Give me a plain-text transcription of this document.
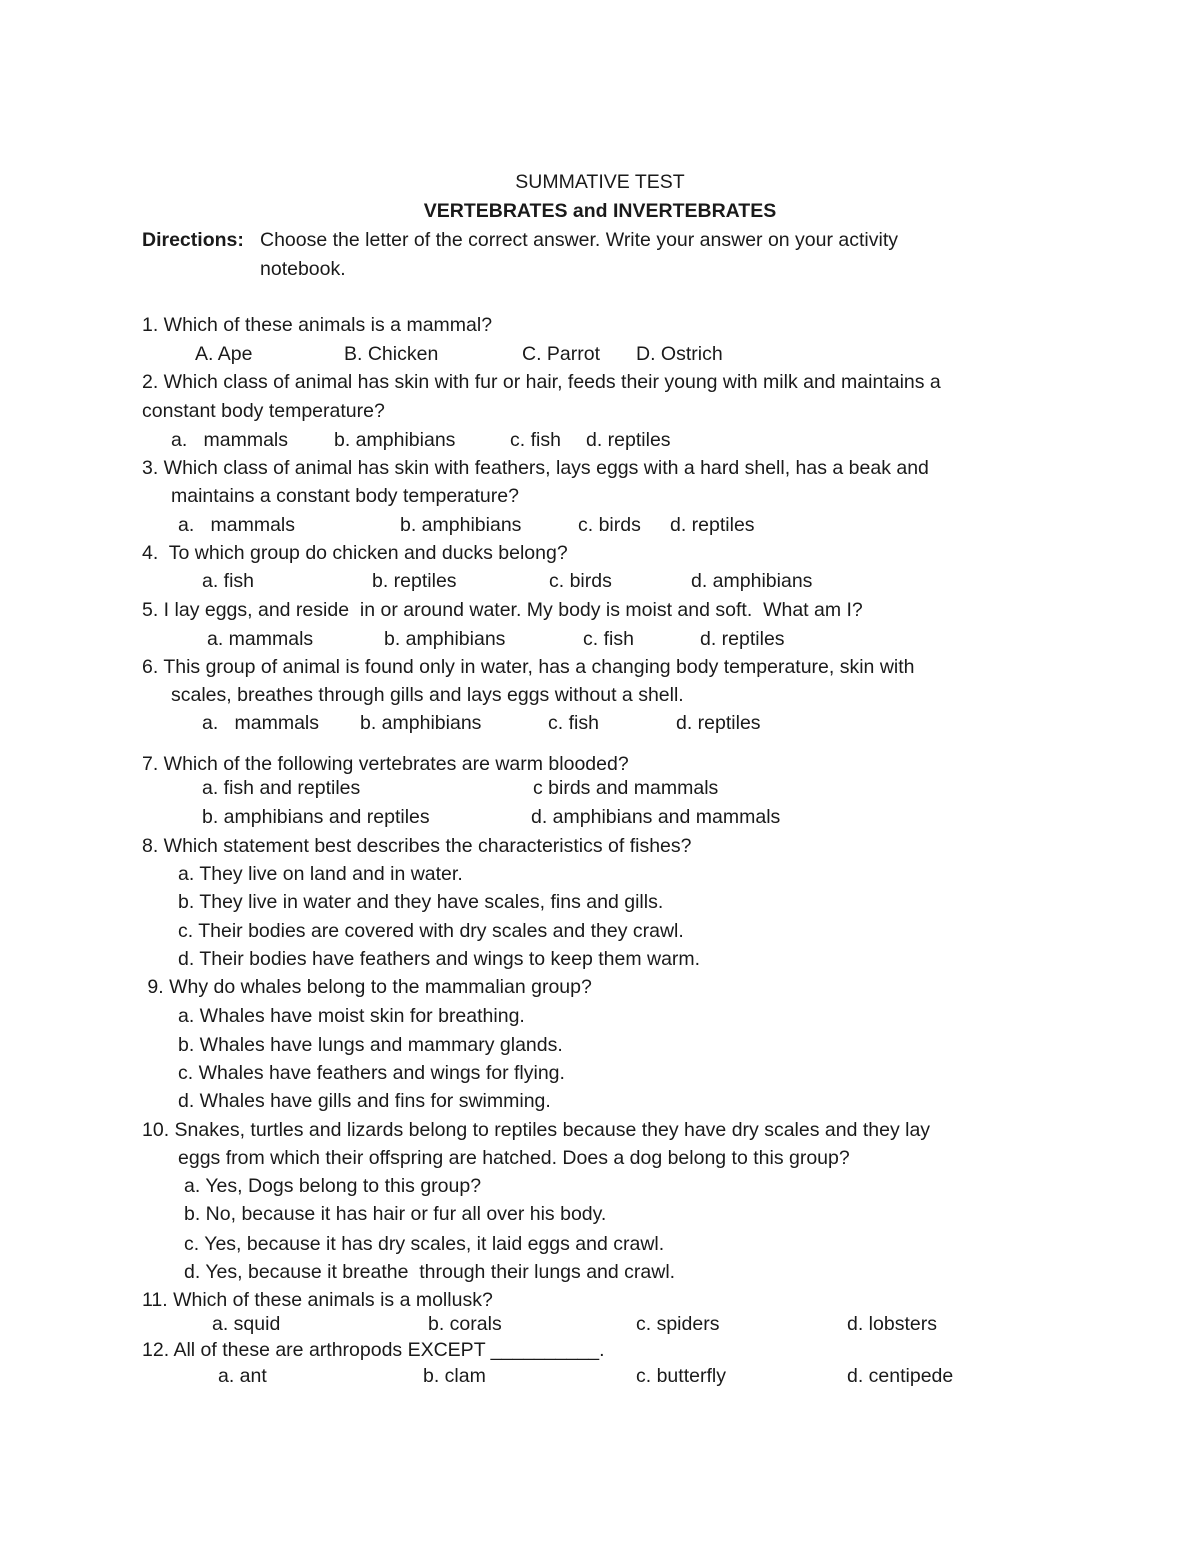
SUMMATIVE TEST
VERTEBRATES and INVERTEBRATES
Directions: Choose the letter of the correct answer. Write your answer on your activity
notebook.
1. Which of these animals is a mammal?
A. Ape	B. Chicken	C. Parrot D. Ostrich
2. Which class of animal has skin with fur or hair, feeds their young with milk and maintains a
constant body temperature?
a.   mammals b. amphibians	c. fish d. reptiles
3. Which class of animal has skin with feathers, lays eggs with a hard shell, has a beak and
maintains a constant body temperature?
a.   mammals	b. amphibians	c. birds d. reptiles
4.  To which group do chicken and ducks belong?
a. fish	b. reptiles	c. birds	d. amphibians
5. I lay eggs, and reside  in or around water. My body is moist and soft.  What am I?
a. mammals	b. amphibians	c. fish	d. reptiles
6. This group of animal is found only in water, has a changing body temperature, skin with
scales, breathes through gills and lays eggs without a shell.
a.   mammals b. amphibians	c. fish	d. reptiles
7. Which of the following vertebrates are warm blooded?
a. fish and reptiles	c birds and mammals
b. amphibians and reptiles	d. amphibians and mammals
8. Which statement best describes the characteristics of fishes?
a. They live on land and in water.
b. They live in water and they have scales, fins and gills.
c. Their bodies are covered with dry scales and they crawl.
d. Their bodies have feathers and wings to keep them warm.
9. Why do whales belong to the mammalian group?
a. Whales have moist skin for breathing.
b. Whales have lungs and mammary glands.
c. Whales have feathers and wings for flying.
d. Whales have gills and fins for swimming.
10. Snakes, turtles and lizards belong to reptiles because they have dry scales and they lay
eggs from which their offspring are hatched. Does a dog belong to this group?
a. Yes, Dogs belong to this group?
b. No, because it has hair or fur all over his body.
c. Yes, because it has dry scales, it laid eggs and crawl.
d. Yes, because it breathe  through their lungs and crawl.
11. Which of these animals is a mollusk?
a. squid	b. corals	c. spiders	d. lobsters
12. All of these are arthropods EXCEPT __________.
a. ant	b. clam	c. butterfly	d. centipede
